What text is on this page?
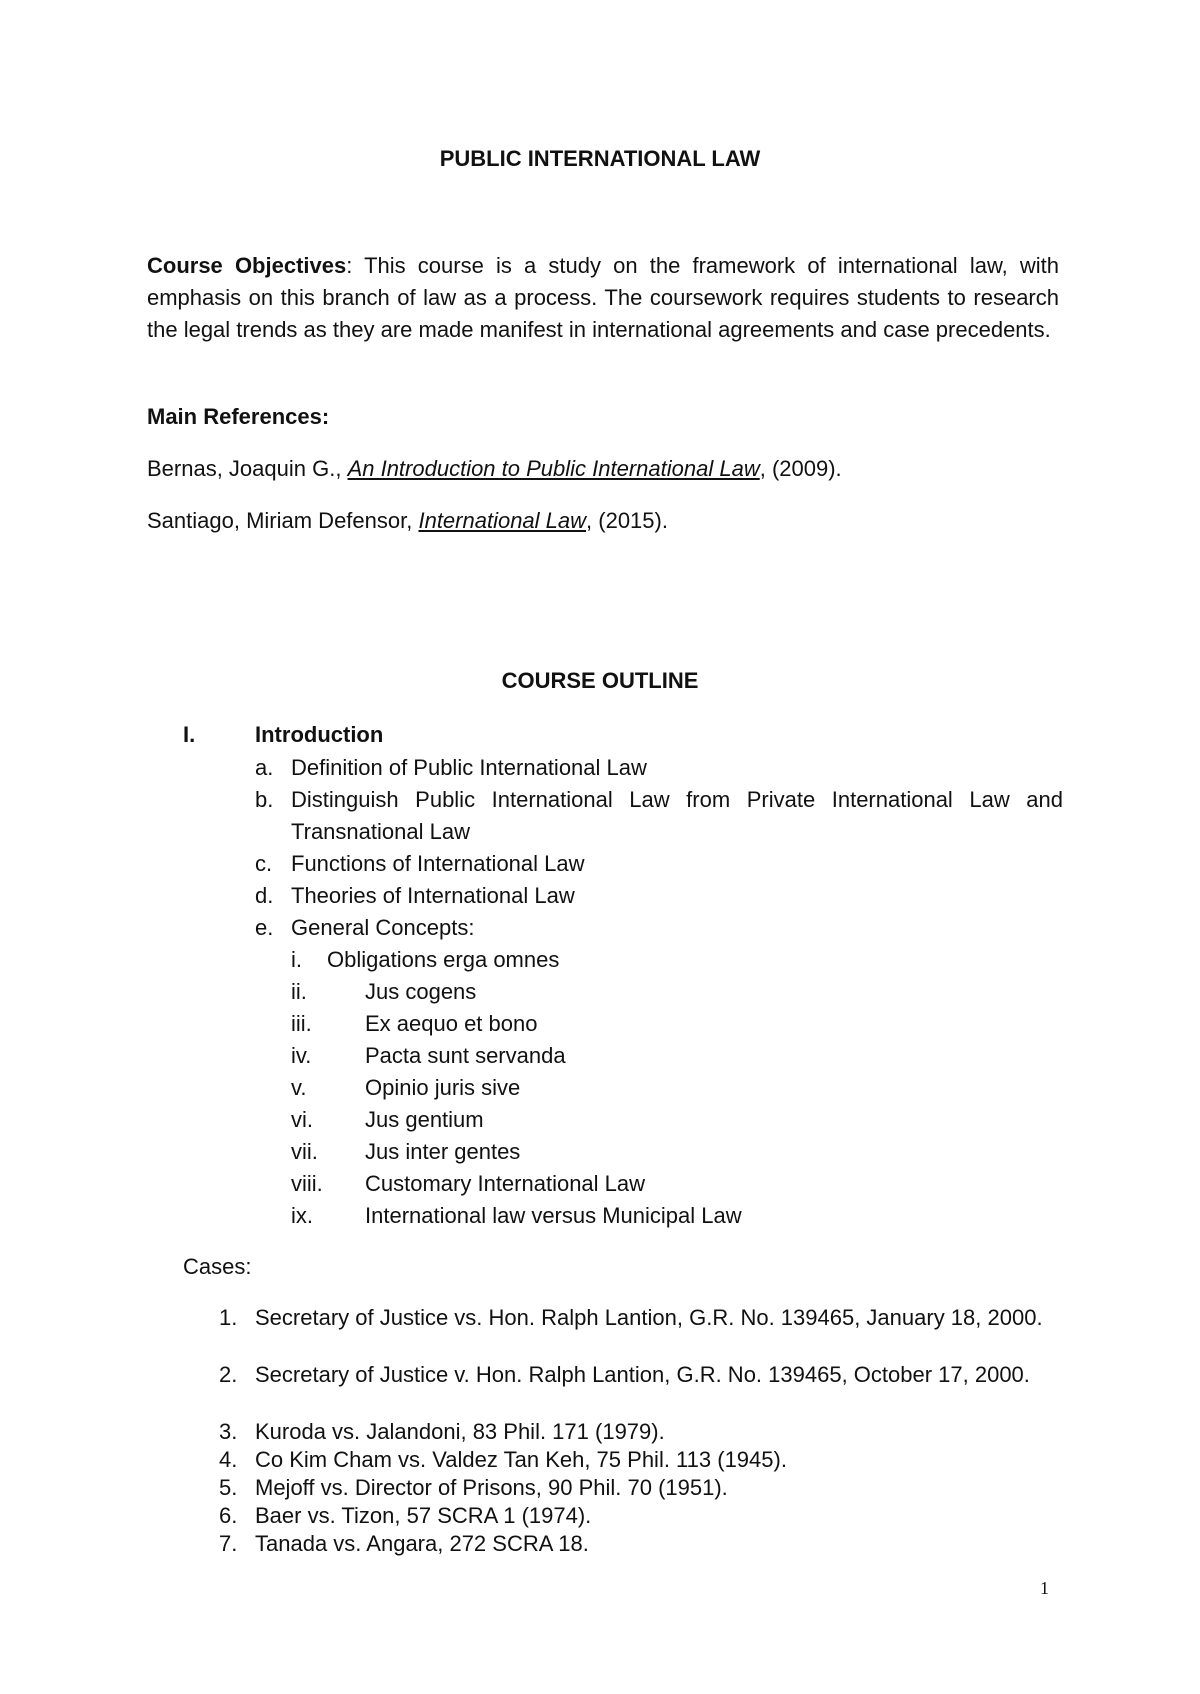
PUBLIC INTERNATIONAL LAW
Course Objectives: This course is a study on the framework of international law, with emphasis on this branch of law as a process. The coursework requires students to research the legal trends as they are made manifest in international agreements and case precedents.
Main References:
Bernas, Joaquin G., An Introduction to Public International Law, (2009).
Santiago, Miriam Defensor, International Law, (2015).
COURSE OUTLINE
I.	Introduction
a. Definition of Public International Law
b. Distinguish Public International Law from Private International Law and Transnational Law
c. Functions of International Law
d. Theories of International Law
e. General Concepts:
i. Obligations erga omnes
ii.	Jus cogens
iii. Ex aequo et bono
iv. Pacta sunt servanda
v.	Opinio juris sive
vi. Jus gentium
vii. Jus inter gentes
viii. Customary International Law
ix. International law versus Municipal Law
Cases:
1. Secretary of Justice vs. Hon. Ralph Lantion, G.R. No. 139465, January 18, 2000.
2. Secretary of Justice v. Hon. Ralph Lantion, G.R. No. 139465, October 17, 2000.
3. Kuroda vs. Jalandoni, 83 Phil. 171 (1979).
4. Co Kim Cham vs. Valdez Tan Keh, 75 Phil. 113 (1945).
5. Mejoff vs. Director of Prisons, 90 Phil. 70 (1951).
6. Baer vs. Tizon, 57 SCRA 1 (1974).
7. Tanada vs. Angara, 272 SCRA 18.
1
